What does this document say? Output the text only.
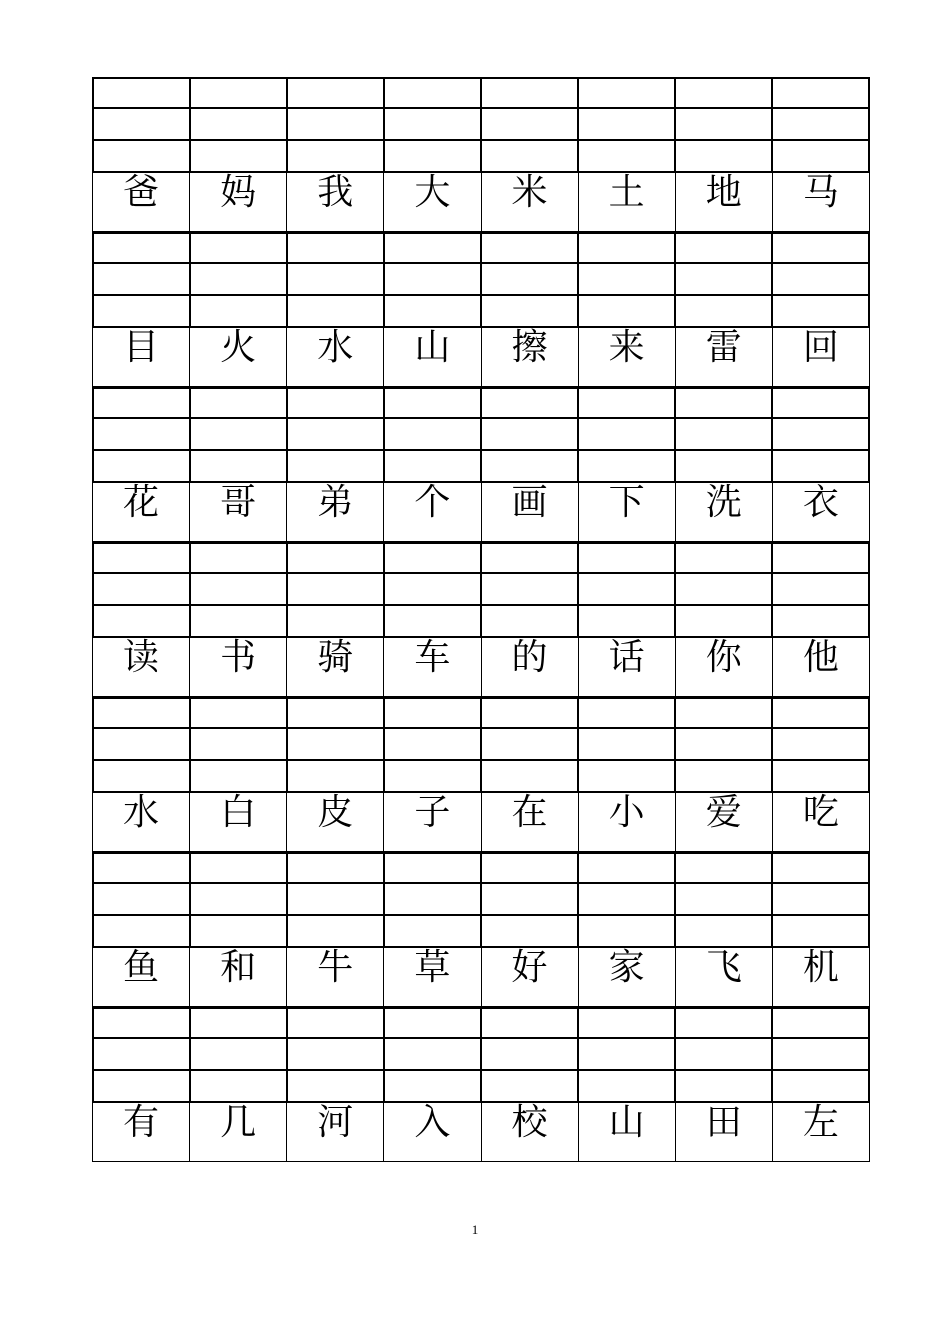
爸	妈	我	大	米	土	地	马
目	火	水	山	擦	来	雷	回
花	哥	弟	个	画	下	洗	衣
读	书	骑	车	的	话	你	他
水	白	皮	子	在	小	爱	吃
鱼	和	牛	草	好	家	飞	机
有	几	河	入	校	山	田	左
1
